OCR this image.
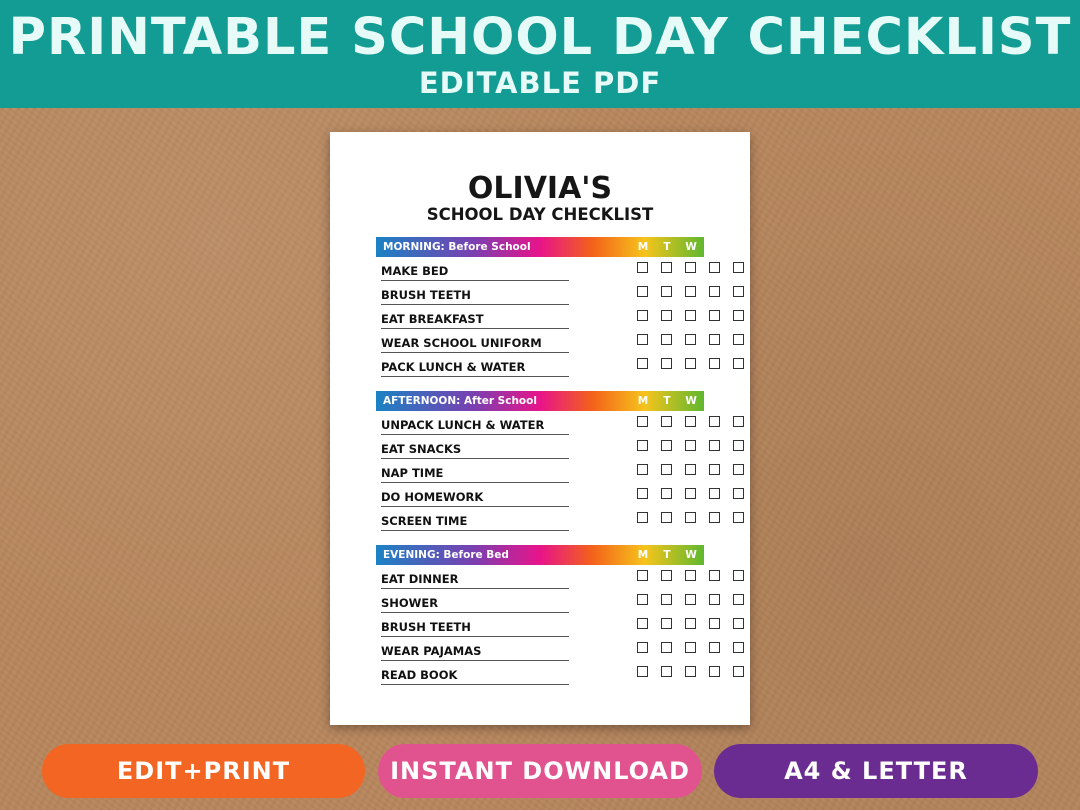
PRINTABLE SCHOOL DAY CHECKLIST
EDITABLE PDF
OLIVIA'S
SCHOOL DAY CHECKLIST
MORNING: Before School	M	T	W	Th	F
MAKE BED
BRUSH TEETH
EAT BREAKFAST
WEAR SCHOOL UNIFORM
PACK LUNCH & WATER
AFTERNOON: After School	M	T	W	Th	F
UNPACK LUNCH & WATER
EAT SNACKS
NAP TIME
DO HOMEWORK
SCREEN TIME
EVENING: Before Bed	M	T	W	Th	F
EAT DINNER
SHOWER
BRUSH TEETH
WEAR PAJAMAS
READ BOOK
EDIT+PRINT	INSTANT DOWNLOAD	A4 & LETTER
